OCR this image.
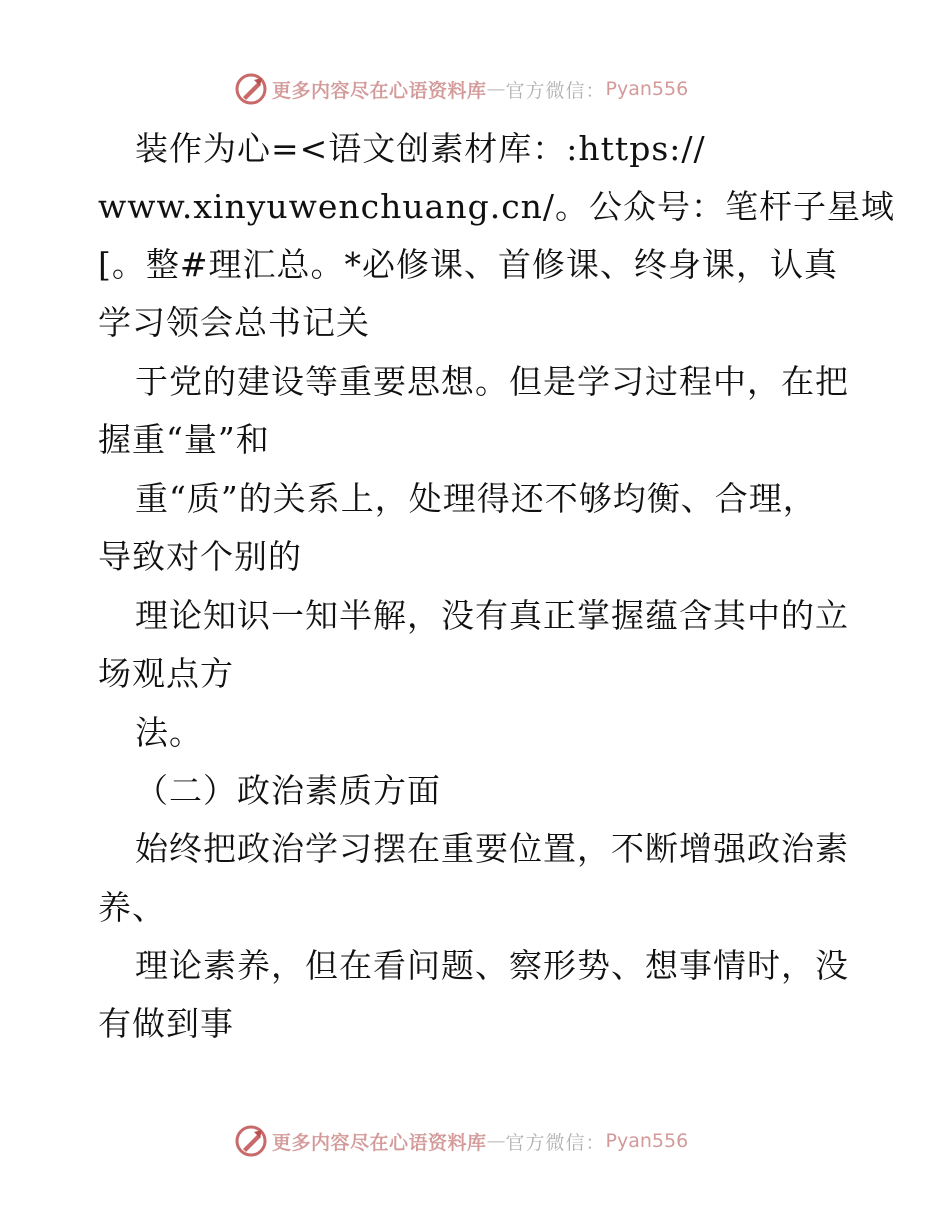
更多内容尽在心语资料库 — 官方微信： Pyan556
装作为心=<语文创素材库：:https://
www.xinyuwenchuang.cn/。公众号：笔杆子星域
[。整#理汇总。*必修课、首修课、终身课，认真
学习领会总书记关
于党的建设等重要思想。但是学习过程中，在把
握重“量”和
重“质”的关系上，处理得还不够均衡、合理，
导致对个别的
理论知识一知半解，没有真正掌握蕴含其中的立
场观点方
法。
（二）政治素质方面
始终把政治学习摆在重要位置，不断增强政治素
养、
理论素养，但在看问题、察形势、想事情时，没
有做到事
更多内容尽在心语资料库 — 官方微信： Pyan556
